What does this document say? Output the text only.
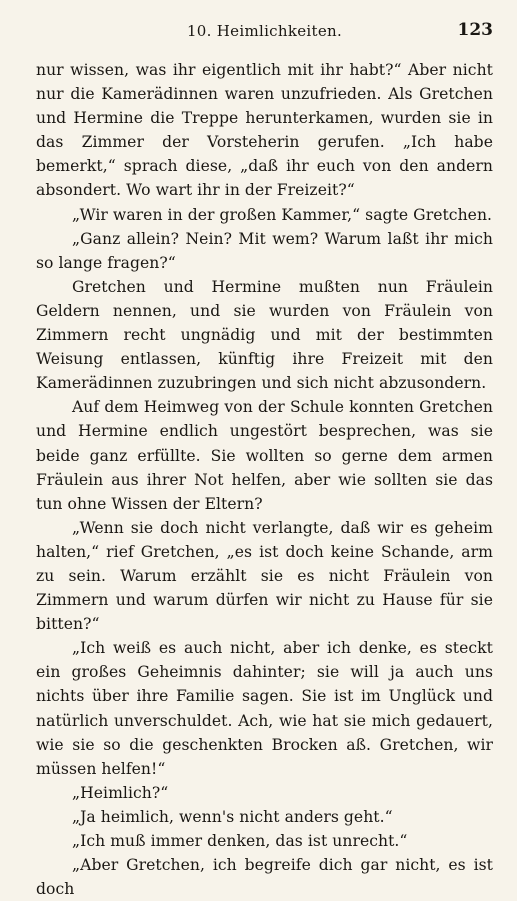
10. Heimlichkeiten.	123

nur wissen, was ihr eigentlich mit ihr habt?“ Aber nicht nur die Kamerädinnen waren unzufrieden. Als Gretchen und Hermine die Treppe herunterkamen, wurden sie in das Zimmer der Vorsteherin gerufen. „Ich habe bemerkt,“ sprach diese, „daß ihr euch von den andern absondert. Wo wart ihr in der Freizeit?“

„Wir waren in der großen Kammer,“ sagte Gretchen.

„Ganz allein? Nein? Mit wem? Warum laßt ihr mich so lange fragen?“

Gretchen und Hermine mußten nun Fräulein Geldern nennen, und sie wurden von Fräulein von Zimmern recht ungnädig und mit der bestimmten Weisung entlassen, künftig ihre Freizeit mit den Kamerädinnen zuzubringen und sich nicht abzusondern.

Auf dem Heimweg von der Schule konnten Gretchen und Hermine endlich ungestört besprechen, was sie beide ganz erfüllte. Sie wollten so gerne dem armen Fräulein aus ihrer Not helfen, aber wie sollten sie das tun ohne Wissen der Eltern?

„Wenn sie doch nicht verlangte, daß wir es geheim halten,“ rief Gretchen, „es ist doch keine Schande, arm zu sein. Warum erzählt sie es nicht Fräulein von Zimmern und warum dürfen wir nicht zu Hause für sie bitten?“

„Ich weiß es auch nicht, aber ich denke, es steckt ein großes Geheimnis dahinter; sie will ja auch uns nichts über ihre Familie sagen. Sie ist im Unglück und natürlich unverschuldet. Ach, wie hat sie mich gedauert, wie sie so die geschenkten Brocken aß. Gretchen, wir müssen helfen!“

„Heimlich?“

„Ja heimlich, wenn's nicht anders geht.“

„Ich muß immer denken, das ist unrecht.“

„Aber Gretchen, ich begreife dich gar nicht, es ist doch
